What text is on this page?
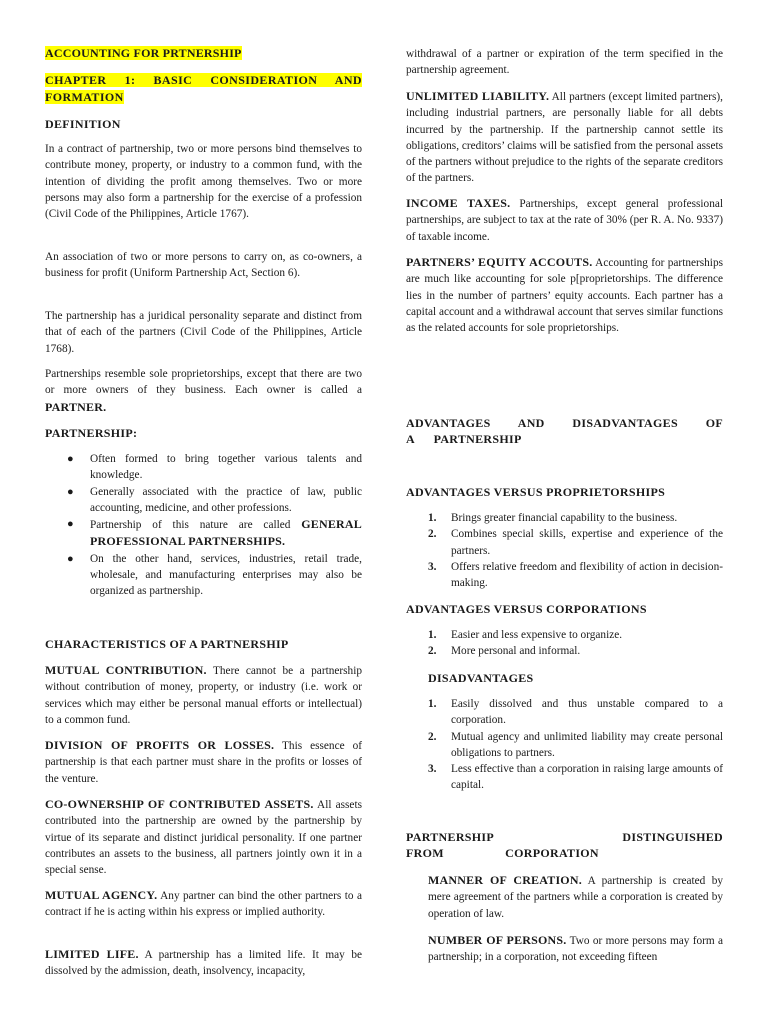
ACCOUNTING FOR PRTNERSHIP

CHAPTER 1: BASIC CONSIDERATION AND FORMATION

DEFINITION

In a contract of partnership, two or more persons bind themselves to contribute money, property, or industry to a common fund, with the intention of dividing the profit among themselves. Two or more persons may also form a partnership for the exercise of a profession (Civil Code of the Philippines, Article 1767).

An association of two or more persons to carry on, as co-owners, a business for profit (Uniform Partnership Act, Section 6).

The partnership has a juridical personality separate and distinct from that of each of the partners (Civil Code of the Philippines, Article 1768).

Partnerships resemble sole proprietorships, except that there are two or more owners of they business. Each owner is called a PARTNER.

PARTNERSHIP:

● Often formed to bring together various talents and knowledge.
● Generally associated with the practice of law, public accounting, medicine, and other professions.
● Partnership of this nature are called GENERAL PROFESSIONAL PARTNERSHIPS.
● On the other hand, services, industries, retail trade, wholesale, and manufacturing enterprises may also be organized as partnership.

CHARACTERISTICS OF A PARTNERSHIP

MUTUAL CONTRIBUTION. There cannot be a partnership without contribution of money, property, or industry (i.e. work or services which may either be personal manual efforts or intellectual) to a common fund.

DIVISION OF PROFITS OR LOSSES. This essence of partnership is that each partner must share in the profits or losses of the venture.

CO-OWNERSHIP OF CONTRIBUTED ASSETS. All assets contributed into the partnership are owned by the partnership by virtue of its separate and distinct juridical personality. If one partner contributes an assets to the business, all partners jointly own it in a special sense.

MUTUAL AGENCY. Any partner can bind the other partners to a contract if he is acting within his express or implied authority.

LIMITED LIFE. A partnership has a limited life. It may be dissolved by the admission, death, insolvency, incapacity,

withdrawal of a partner or expiration of the term specified in the partnership agreement.

UNLIMITED LIABILITY. All partners (except limited partners), including industrial partners, are personally liable for all debts incurred by the partnership. If the partnership cannot settle its obligations, creditors’ claims will be satisfied from the personal assets of the partners without prejudice to the rights of the separate creditors of the partners.

INCOME TAXES. Partnerships, except general professional partnerships, are subject to tax at the rate of 30% (per R. A. No. 9337) of taxable income.

PARTNERS’ EQUITY ACCOUTS. Accounting for partnerships are much like accounting for sole p[proprietorships. The difference lies in the number of partners’ equity accounts. Each partner has a capital account and a withdrawal account that serves similar functions as the related accounts for sole proprietorships.

ADVANTAGES AND DISADVANTAGES OF A PARTNERSHIP

ADVANTAGES VERSUS PROPRIETORSHIPS

1. Brings greater financial capability to the business.
2. Combines special skills, expertise and experience of the partners.
3. Offers relative freedom and flexibility of action in decision-making.

ADVANTAGES VERSUS CORPORATIONS

1. Easier and less expensive to organize.
2. More personal and informal.

DISADVANTAGES

1. Easily dissolved and thus unstable compared to a corporation.
2. Mutual agency and unlimited liability may create personal obligations to partners.
3. Less effective than a corporation in raising large amounts of capital.

PARTNERSHIP DISTINGUISHED FROM CORPORATION

MANNER OF CREATION. A partnership is created by mere agreement of the partners while a corporation is created by operation of law.

NUMBER OF PERSONS. Two or more persons may form a partnership; in a corporation, not exceeding fifteen
